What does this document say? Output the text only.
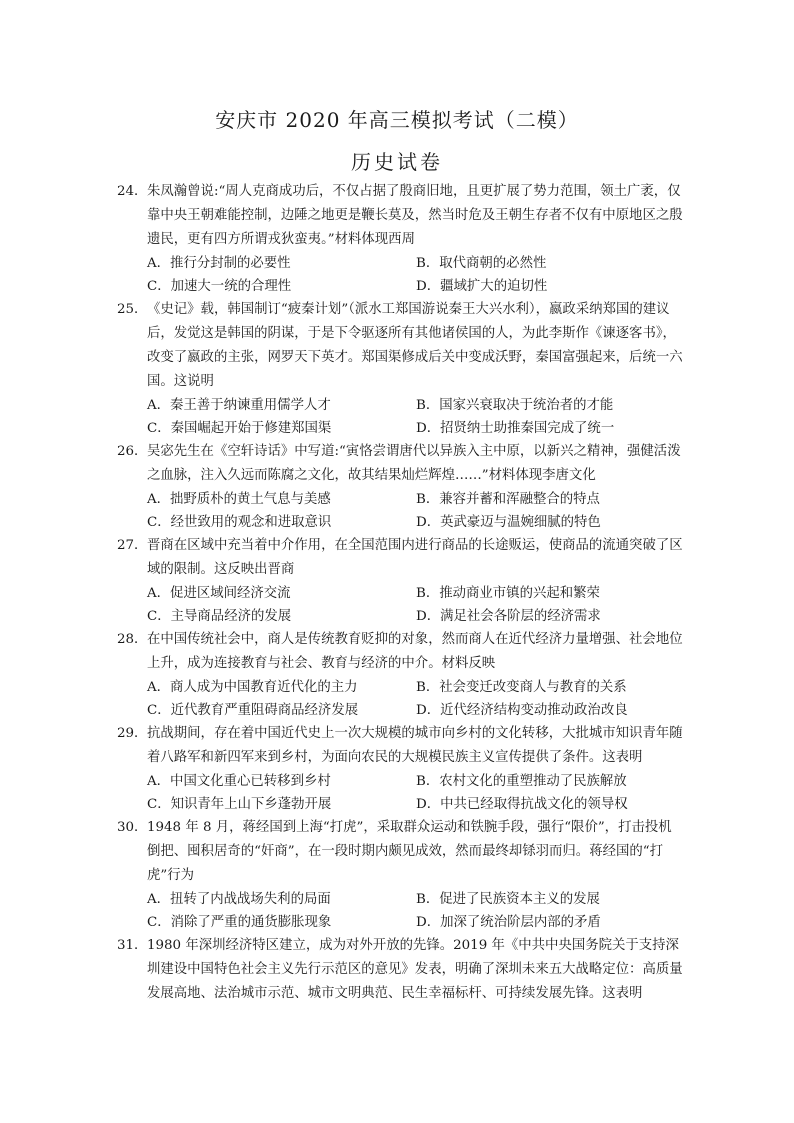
安庆市 2020 年高三模拟考试（二模）
历史试卷
24．朱凤瀚曾说:“周人克商成功后，不仅占据了殷商旧地，且更扩展了势力范围，领土广袤，仅靠中央王朝难能控制，边陲之地更是鞭长莫及，然当时危及王朝生存者不仅有中原地区之殷遗民，更有四方所谓戎狄蛮夷。”材料体现西周
A．推行分封制的必要性	B．取代商朝的必然性
C．加速大一统的合理性	D．疆域扩大的迫切性
25．《史记》载，韩国制订“疲秦计划”（派水工郑国游说秦王大兴水利），嬴政采纳郑国的建议后，发觉这是韩国的阴谋，于是下令驱逐所有其他诸侯国的人，为此李斯作《谏逐客书》，改变了嬴政的主张，网罗天下英才。郑国渠修成后关中变成沃野，秦国富强起来，后统一六国。这说明
A．秦王善于纳谏重用儒学人才	B．国家兴衰取决于统治者的才能
C．秦国崛起开始于修建郑国渠	D．招贤纳士助推秦国完成了统一
26．吴宓先生在《空轩诗话》中写道:“寅恪尝谓唐代以异族入主中原，以新兴之精神，强健活泼之血脉，注入久远而陈腐之文化，故其结果灿烂辉煌……”材料体现李唐文化
A．拙野质朴的黄土气息与美感	B．兼容并蓄和浑融整合的特点
C．经世致用的观念和进取意识	D．英武豪迈与温婉细腻的特色
27．晋商在区域中充当着中介作用，在全国范围内进行商品的长途贩运，使商品的流通突破了区域的限制。这反映出晋商
A．促进区域间经济交流	B．推动商业市镇的兴起和繁荣
C．主导商品经济的发展	D．满足社会各阶层的经济需求
28．在中国传统社会中，商人是传统教育贬抑的对象，然而商人在近代经济力量增强、社会地位上升，成为连接教育与社会、教育与经济的中介。材料反映
A．商人成为中国教育近代化的主力	B．社会变迁改变商人与教育的关系
C．近代教育严重阻碍商品经济发展	D．近代经济结构变动推动政治改良
29．抗战期间，存在着中国近代史上一次大规模的城市向乡村的文化转移，大批城市知识青年随着八路军和新四军来到乡村，为面向农民的大规模民族主义宣传提供了条件。这表明
A．中国文化重心已转移到乡村	B．农村文化的重塑推动了民族解放
C．知识青年上山下乡蓬勃开展	D．中共已经取得抗战文化的领导权
30．1948 年 8 月，蒋经国到上海“打虎”，采取群众运动和铁腕手段，强行“限价”，打击投机倒把、囤积居奇的“奸商”，在一段时期内颇见成效，然而最终却铩羽而归。蒋经国的“打虎”行为
A．扭转了内战战场失利的局面	B．促进了民族资本主义的发展
C．消除了严重的通货膨胀现象	D．加深了统治阶层内部的矛盾
31．1980 年深圳经济特区建立，成为对外开放的先锋。2019 年《中共中央国务院关于支持深圳建设中国特色社会主义先行示范区的意见》发表，明确了深圳未来五大战略定位：高质量发展高地、法治城市示范、城市文明典范、民生幸福标杆、可持续发展先锋。这表明
